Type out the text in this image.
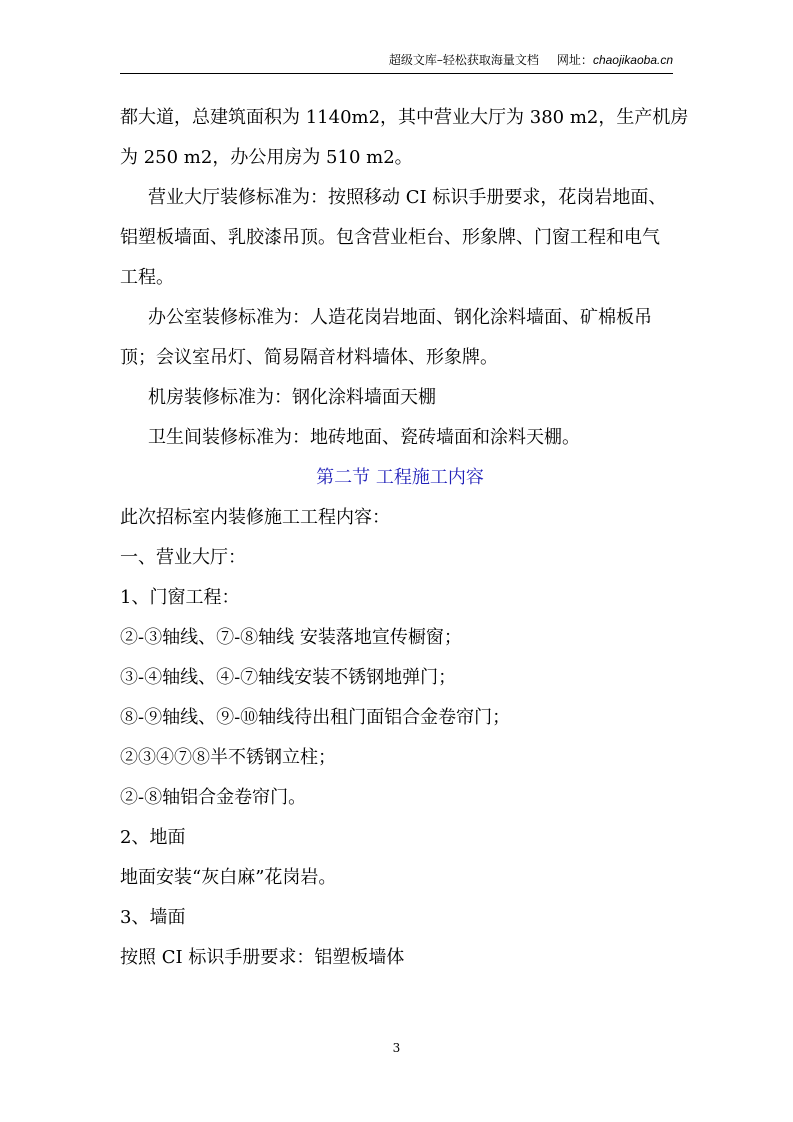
超级文库–轻松获取海量文档 网址：chaojikaoba.cn
都大道，总建筑面积为 1140m2，其中营业大厅为 380 m2，生产机房
为 250 m2，办公用房为 510 m2。
营业大厅装修标准为：按照移动 CI 标识手册要求，花岗岩地面、
铝塑板墙面、乳胶漆吊顶。包含营业柜台、形象牌、门窗工程和电气
工程。
办公室装修标准为：人造花岗岩地面、钢化涂料墙面、矿棉板吊
顶；会议室吊灯、简易隔音材料墙体、形象牌。
机房装修标准为：钢化涂料墙面天棚
卫生间装修标准为：地砖地面、瓷砖墙面和涂料天棚。
第二节 工程施工内容
此次招标室内装修施工工程内容：
一、营业大厅：
1、门窗工程：
②-③轴线、⑦-⑧轴线 安装落地宣传橱窗；
③-④轴线、④-⑦轴线安装不锈钢地弹门；
⑧-⑨轴线、⑨-⑩轴线待出租门面铝合金卷帘门；
②③④⑦⑧半不锈钢立柱；
②-⑧轴铝合金卷帘门。
2、地面
地面安装“灰白麻”花岗岩。
3、墙面
按照 CI 标识手册要求：铝塑板墙体
3
